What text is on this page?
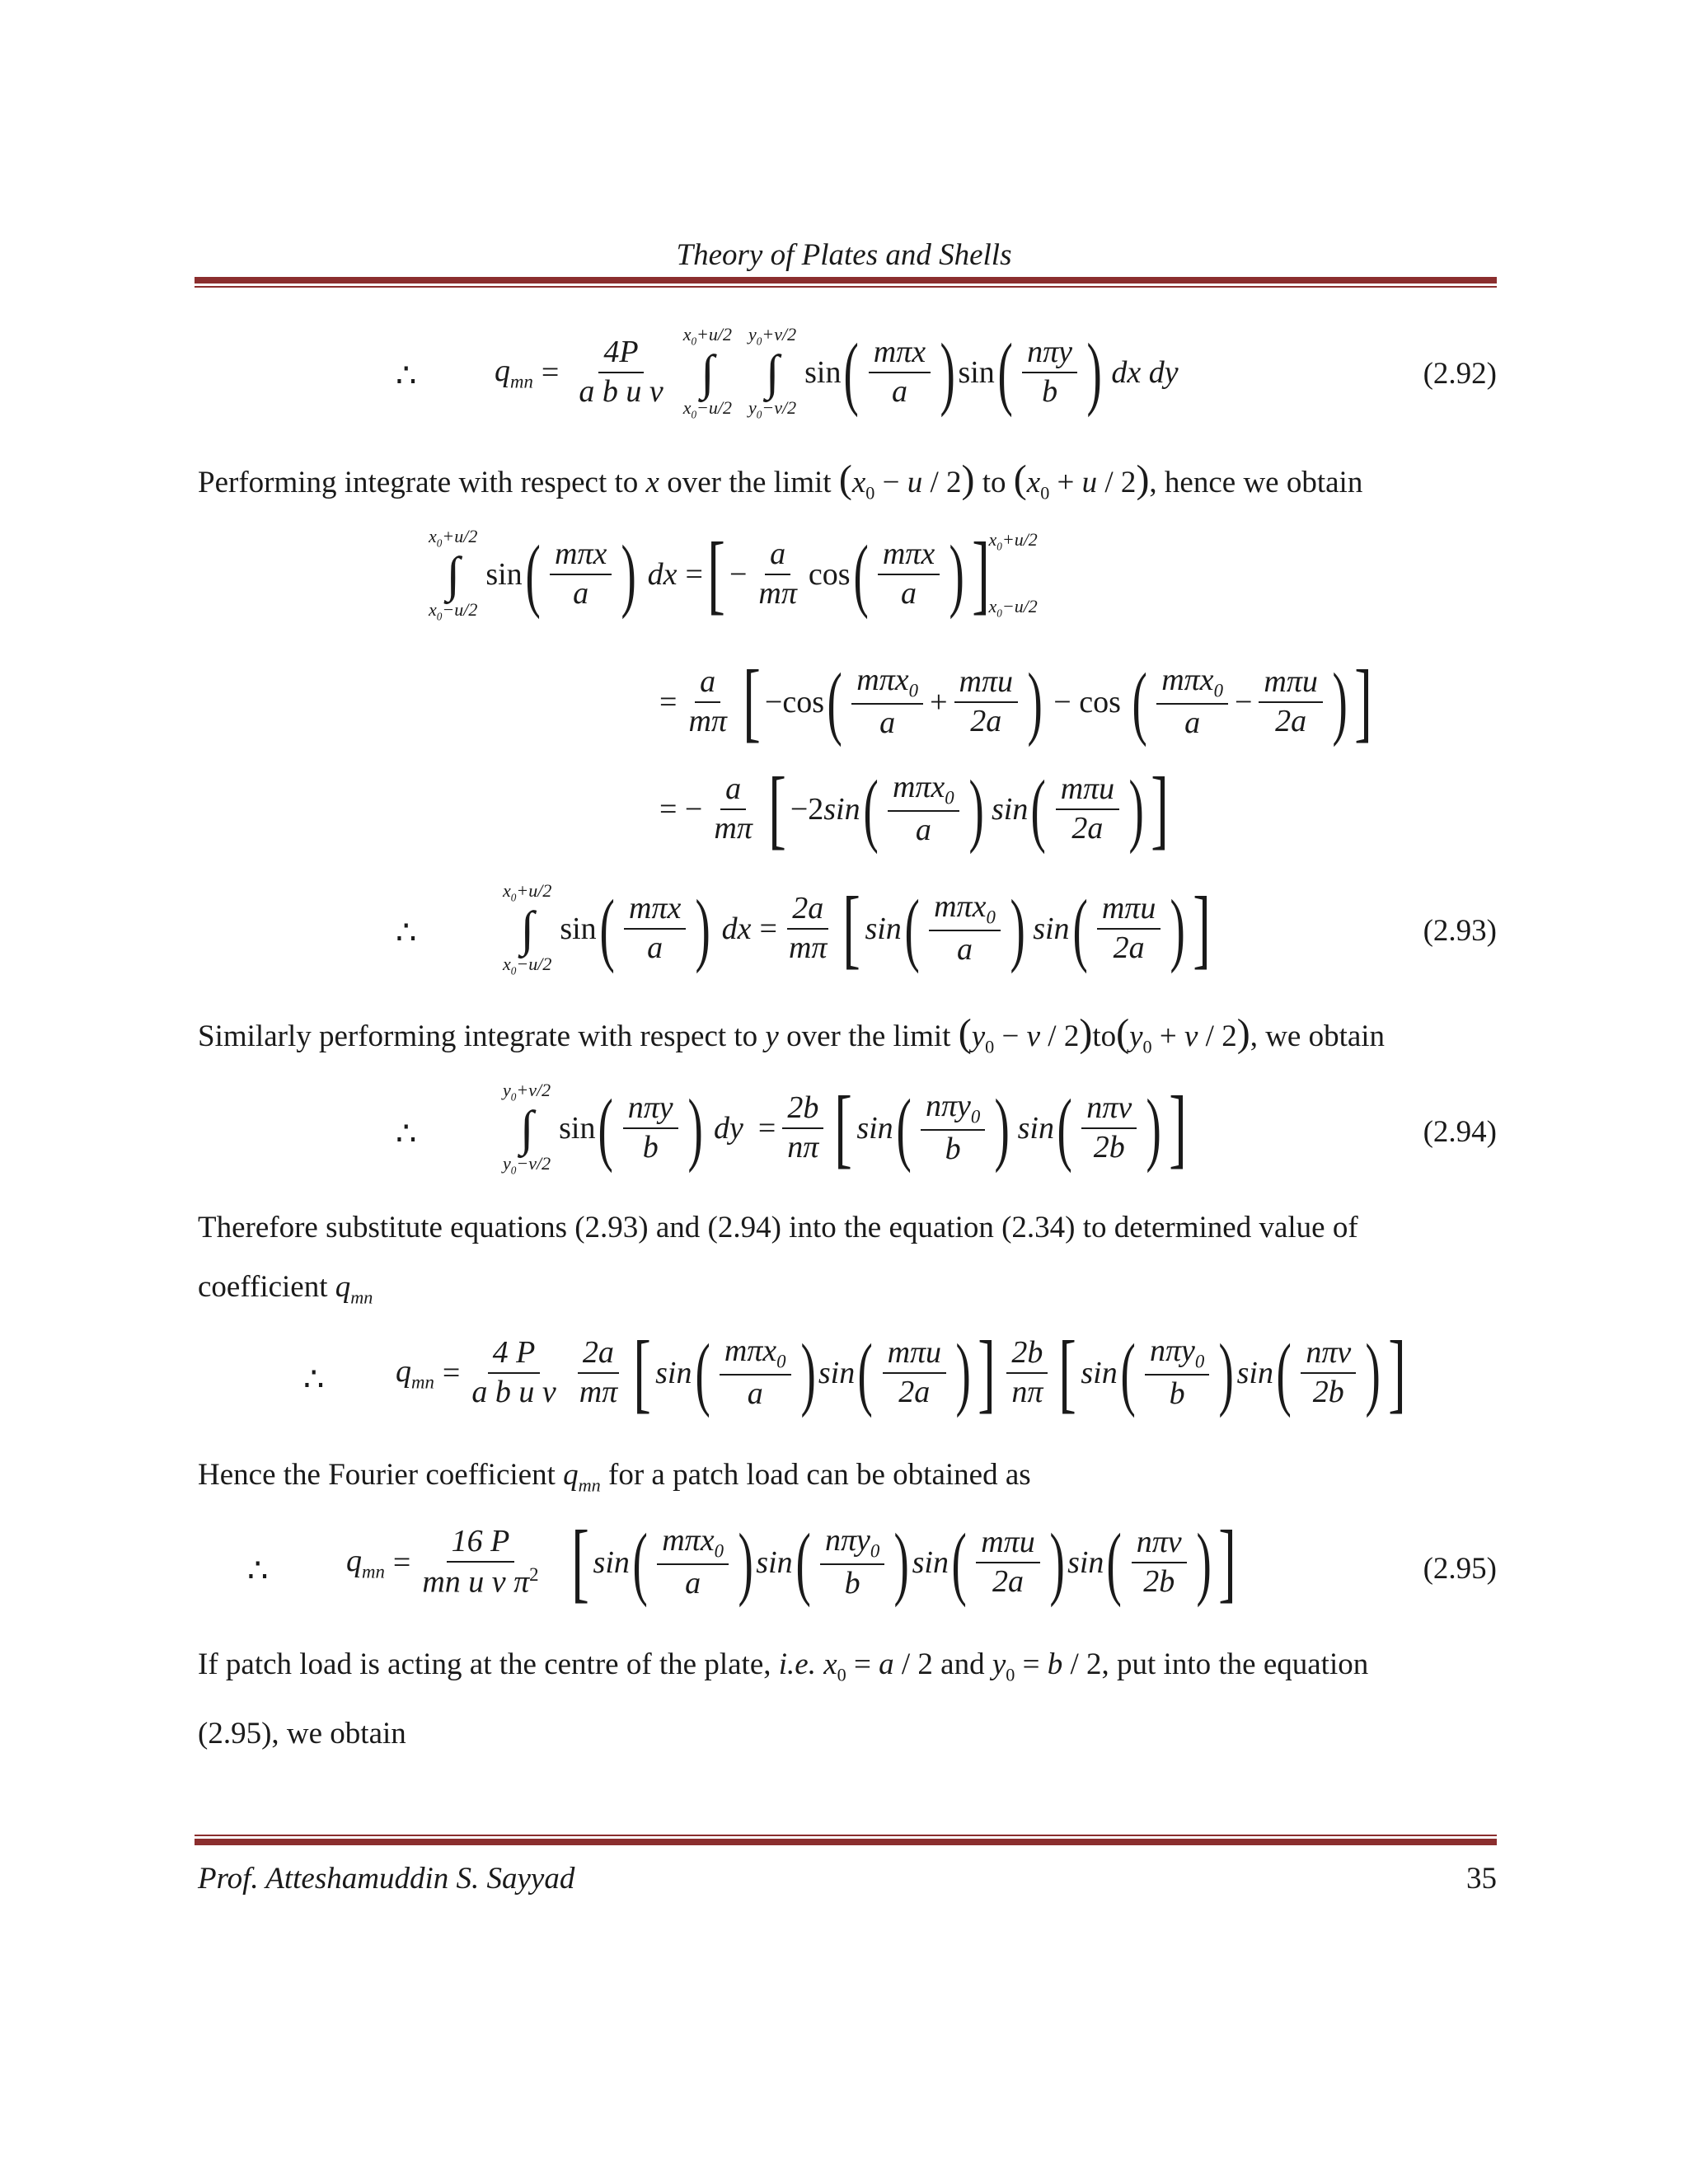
Theory of Plates and Shells
∴ $q_{mn} = \frac{4P}{\text{a b u v}}$
$x_0+u/2$
∫
$x_0-u/2$
$y_0+v/2$
∫
$y_0-v/2$
sin ( $\frac{\text{mπx}}{a}$ ) sin ( $\frac{\text{nπy}}{b}$ ) dx dy	(2.92)
Performing integrate with respect to x over the limit $(x_0 - u / 2)$ to $(x_0 + u / 2)$, hence we obtain
$x_0+u/2$
∫
$x_0-u/2$
sin ( $\frac{\text{mπx}}{a}$ ) dx = [ − $\frac{a}{m\pi}$ cos ( $\frac{\text{mπx}}{a}$ ) ] $x_0+u/2$
$x_0-u/2$
= $\frac{a}{m\pi}$ [ −cos ( $\frac{m\pi x_0}{a} + \frac{\text{mπu}}{2a}$ ) − cos ( $\frac{m\pi x_0}{a} - \frac{\text{mπu}}{2a}$ ) ]
= − $\frac{a}{m\pi}$ [ −2 sin ( $\frac{m\pi x_0}{a}$ ) sin ( $\frac{\text{mπu}}{2a}$ ) ]
∴
$x_0+u/2$
∫
$x_0-u/2$
sin ( $\frac{\text{mπx}}{a}$ ) dx = $\frac{2a}{m\pi}$ [ sin ( $\frac{m\pi x_0}{a}$ ) sin ( $\frac{\text{mπu}}{2a}$ ) ]	(2.93)
Similarly performing integrate with respect to y over the limit $(y_0 - v / 2)to(y_0 + v / 2)$, we obtain
∴
$y_0+v/2$
∫
$y_0-v/2$
sin ( $\frac{\text{nπy}}{b}$ ) dy = $\frac{2b}{n\pi}$ [ sin ( $\frac{n\pi y_0}{b}$ ) sin ( $\frac{\text{nπv}}{2b}$ ) ]	(2.94)
Therefore substitute equations (2.93) and (2.94) into the equation (2.34) to determined value of
coefficient $q_{mn}$
∴ $q_{mn} = \frac{4 P}{\text{a b u v}} \frac{2a}{m\pi}$ [ sin ( $\frac{m\pi x_0}{a}$ ) sin ( $\frac{\text{mπu}}{2a}$ ) ] $\frac{2b}{n\pi}$ [ sin ( $\frac{n\pi y_0}{b}$ ) sin ( $\frac{\text{nπv}}{2b}$ ) ]
Hence the Fourier coefficient $q_{mn}$ for a patch load can be obtained as
∴ $q_{mn} = \frac{16 P}{mn u v \pi^2}$ [ sin ( $\frac{m\pi x_0}{a}$ ) sin ( $\frac{n\pi y_0}{b}$ ) sin ( $\frac{\text{mπu}}{2a}$ ) sin ( $\frac{\text{nπv}}{2b}$ ) ]	(2.95)
If patch load is acting at the centre of the plate, i.e. $x_0 = a / 2$ and $y_0 = b / 2$, put into the equation
(2.95), we obtain
Prof. Atteshamuddin S. Sayyad	35
